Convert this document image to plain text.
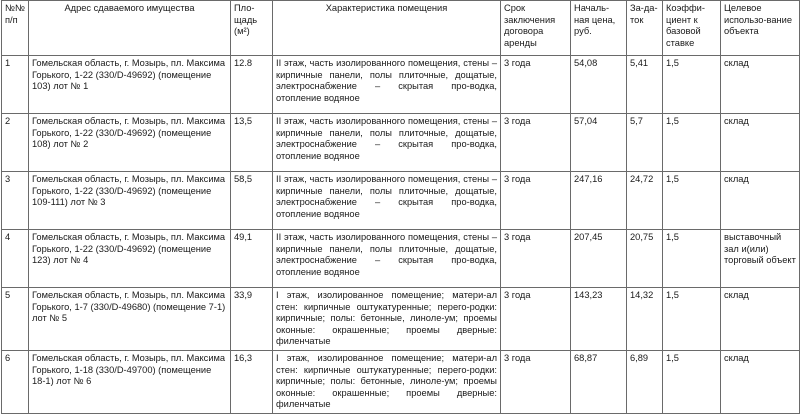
№№ п/п	Адрес сдаваемого имущества	Пло-щадь (м²)	Характеристика помещения	Срок заключения договора аренды	Началь-ная цена, руб.	За-да-ток	Коэффи-циент к базовой ставке	Целевое использо-вание объекта
1	Гомельская область, г. Мозырь, пл. Максима Горького, 1-22 (330/D-49692) (помещение 103) лот № 1	12.8	II этаж, часть изолированного помещения, стены – кирпичные панели, полы плиточные, дощатые, электроснабжение – скрытая про-водка, отопление водяное	3 года	54,08	5,41	1,5	склад
2	Гомельская область, г. Мозырь, пл. Максима Горького, 1-22 (330/D-49692) (помещение 108) лот № 2	13,5	II этаж, часть изолированного помещения, стены – кирпичные панели, полы плиточные, дощатые, электроснабжение – скрытая про-водка, отопление водяное	3 года	57,04	5,7	1,5	склад
3	Гомельская область, г. Мозырь, пл. Максима Горького, 1-22 (330/D-49692) (помещение 109-111) лот № 3	58,5	II этаж, часть изолированного помещения, стены – кирпичные панели, полы плиточные, дощатые, электроснабжение – скрытая про-водка, отопление водяное	3 года	247,16	24,72	1,5	склад
4	Гомельская область, г. Мозырь, пл. Максима Горького, 1-22 (330/D-49692) (помещение 123) лот № 4	49,1	II этаж, часть изолированного помещения, стены – кирпичные панели, полы плиточные, дощатые, электроснабжение – скрытая про-водка, отопление водяное	3 года	207,45	20,75	1,5	выставочный зал и(или) торговый объект
5	Гомельская область, г. Мозырь, пл. Максима Горького, 1-7 (330/D-49680) (помещение 7-1) лот № 5	33,9	I этаж, изолированное помещение; матери-ал стен: кирпичные оштукатуренные; перего-родки: кирпичные; полы: бетонные, линоле-ум; проемы оконные: окрашенные; проемы дверные: филенчатые	3 года	143,23	14,32	1,5	склад
6	Гомельская область, г. Мозырь, пл. Максима Горького, 1-18 (330/D-49700) (помещение 18-1) лот № 6	16,3	I этаж, изолированное помещение; матери-ал стен: кирпичные оштукатуренные; перего-родки: кирпичные; полы: бетонные, линоле-ум; проемы оконные: окрашенные; проемы дверные: филенчатые	3 года	68,87	6,89	1,5	склад
